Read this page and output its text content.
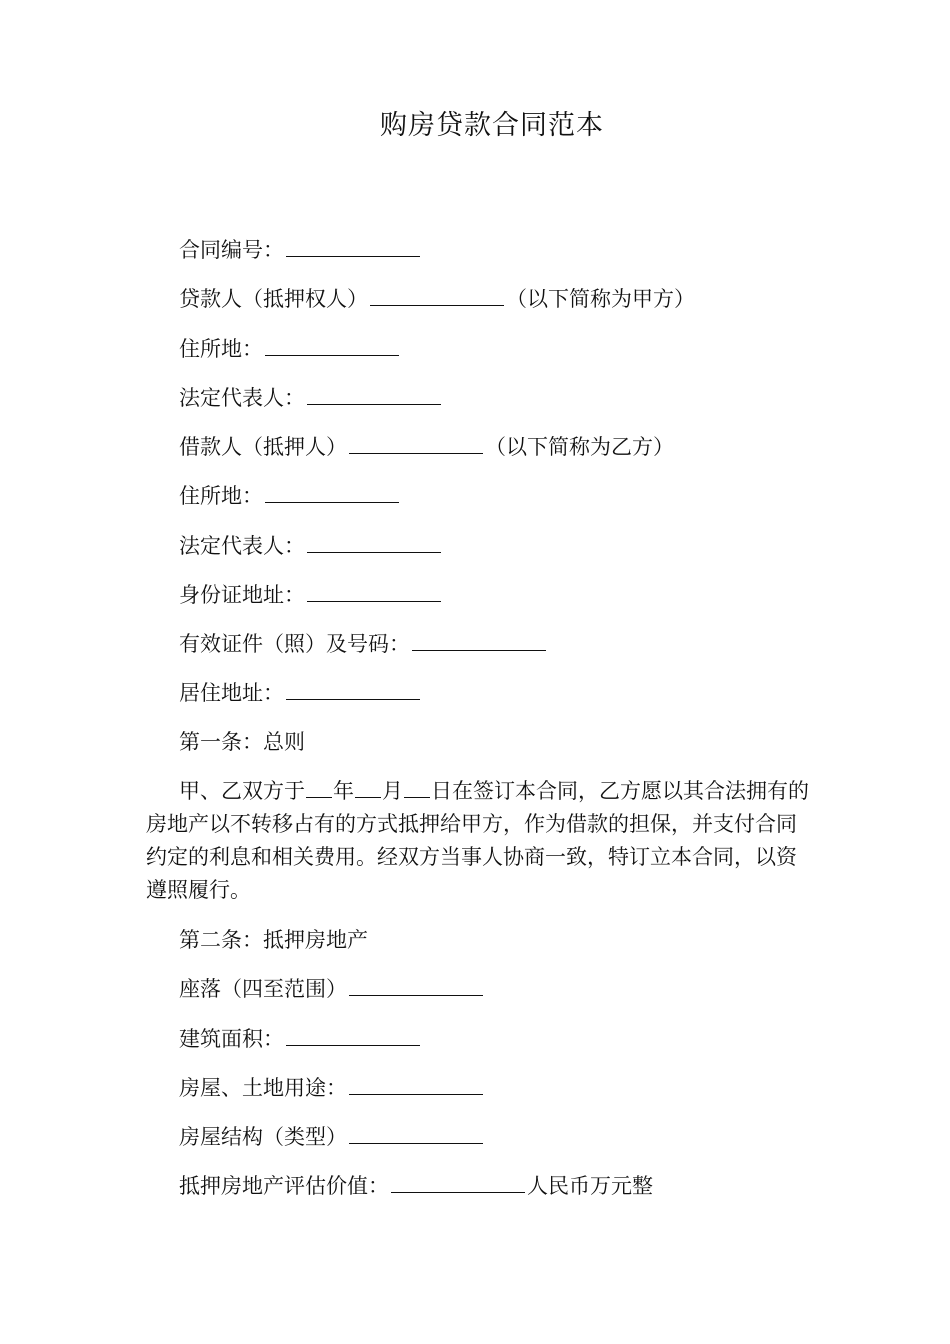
购房贷款合同范本
合同编号：
贷款人（抵押权人）	（以下简称为甲方）
住所地：
法定代表人：
借款人（抵押人）	（以下简称为乙方）
住所地：
法定代表人：
身份证地址：
有效证件（照）及号码：
居住地址：
第一条：总则

甲、乙双方于 年 月 日在签订本合同，乙方愿以其合法拥有的房地产以不转移占有的方式抵押给甲方，作为借款的担保，并支付合同约定的利息和相关费用。经双方当事人协商一致，特订立本合同，以资遵照履行。

第二条：抵押房地产
座落（四至范围）
建筑面积：
房屋、土地用途：
房屋结构（类型）
抵押房地产评估价值：	人民币万元整
